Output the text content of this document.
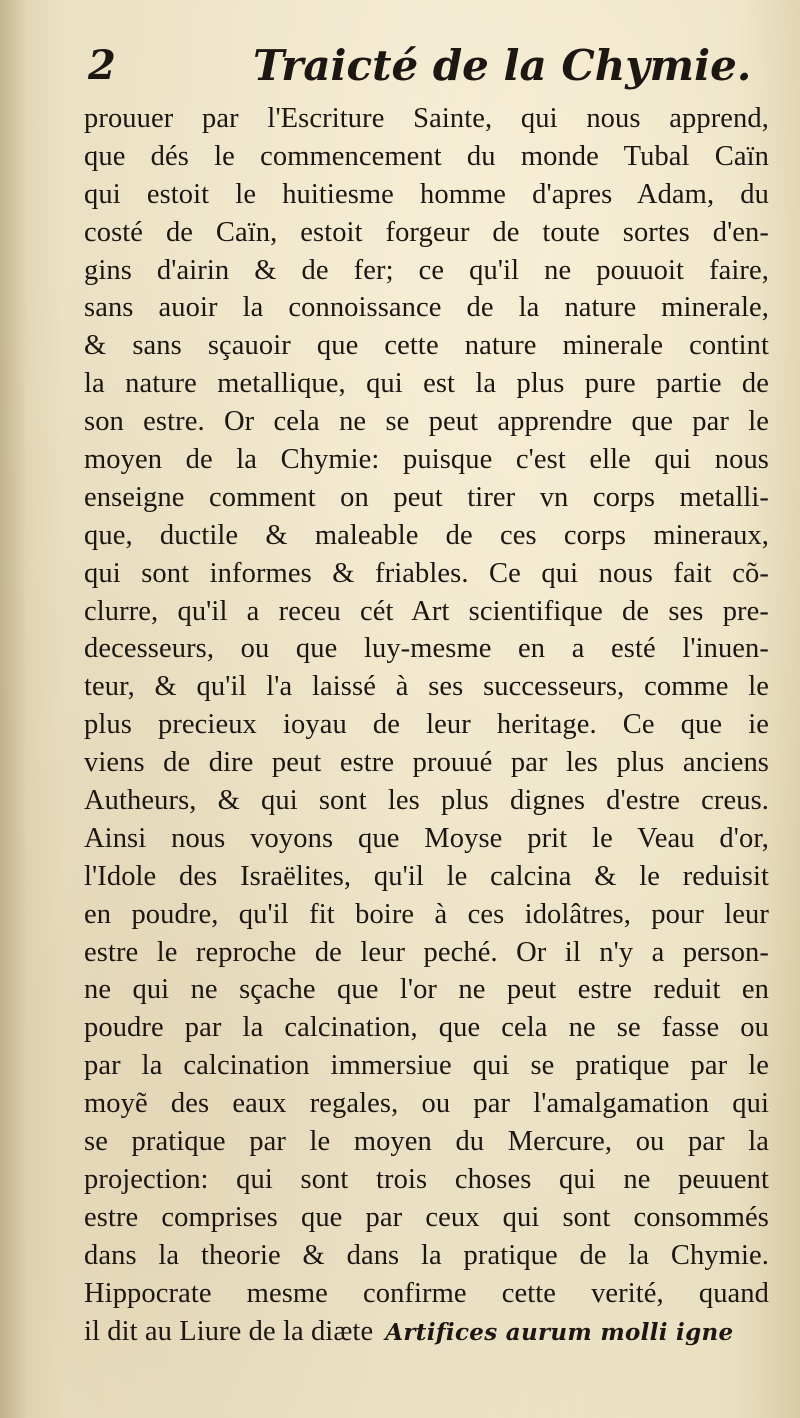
2	Traicté de la Chymie.
prouuer par l'Escriture Sainte, qui nous apprend,
que dés le commencement du monde Tubal Caïn
qui estoit le huitiesme homme d'apres Adam, du
costé de Caïn, estoit forgeur de toute sortes d'en-
gins d'airin & de fer; ce qu'il ne pouuoit faire,
sans auoir la connoissance de la nature minerale,
& sans sçauoir que cette nature minerale contint
la nature metallique, qui est la plus pure partie de
son estre. Or cela ne se peut apprendre que par le
moyen de la Chymie: puisque c'est elle qui nous
enseigne comment on peut tirer vn corps metalli-
que, ductile & maleable de ces corps mineraux,
qui sont informes & friables. Ce qui nous fait cõ-
clurre, qu'il a receu cét Art scientifique de ses pre-
decesseurs, ou que luy-mesme en a esté l'inuen-
teur, & qu'il l'a laissé à ses successeurs, comme le
plus precieux ioyau de leur heritage. Ce que ie
viens de dire peut estre prouué par les plus anciens
Autheurs, & qui sont les plus dignes d'estre creus.
Ainsi nous voyons que Moyse prit le Veau d'or,
l'Idole des Israëlites, qu'il le calcina & le reduisit
en poudre, qu'il fit boire à ces idolâtres, pour leur
estre le reproche de leur peché. Or il n'y a person-
ne qui ne sçache que l'or ne peut estre reduit en
poudre par la calcination, que cela ne se fasse ou
par la calcination immersiue qui se pratique par le
moyẽ des eaux regales, ou par l'amalgamation qui
se pratique par le moyen du Mercure, ou par la
projection: qui sont trois choses qui ne peuuent
estre comprises que par ceux qui sont consommés
dans la theorie & dans la pratique de la Chymie.
Hippocrate mesme confirme cette verité, quand
il dit au Liure de la diæte Artifices aurum molli igne
